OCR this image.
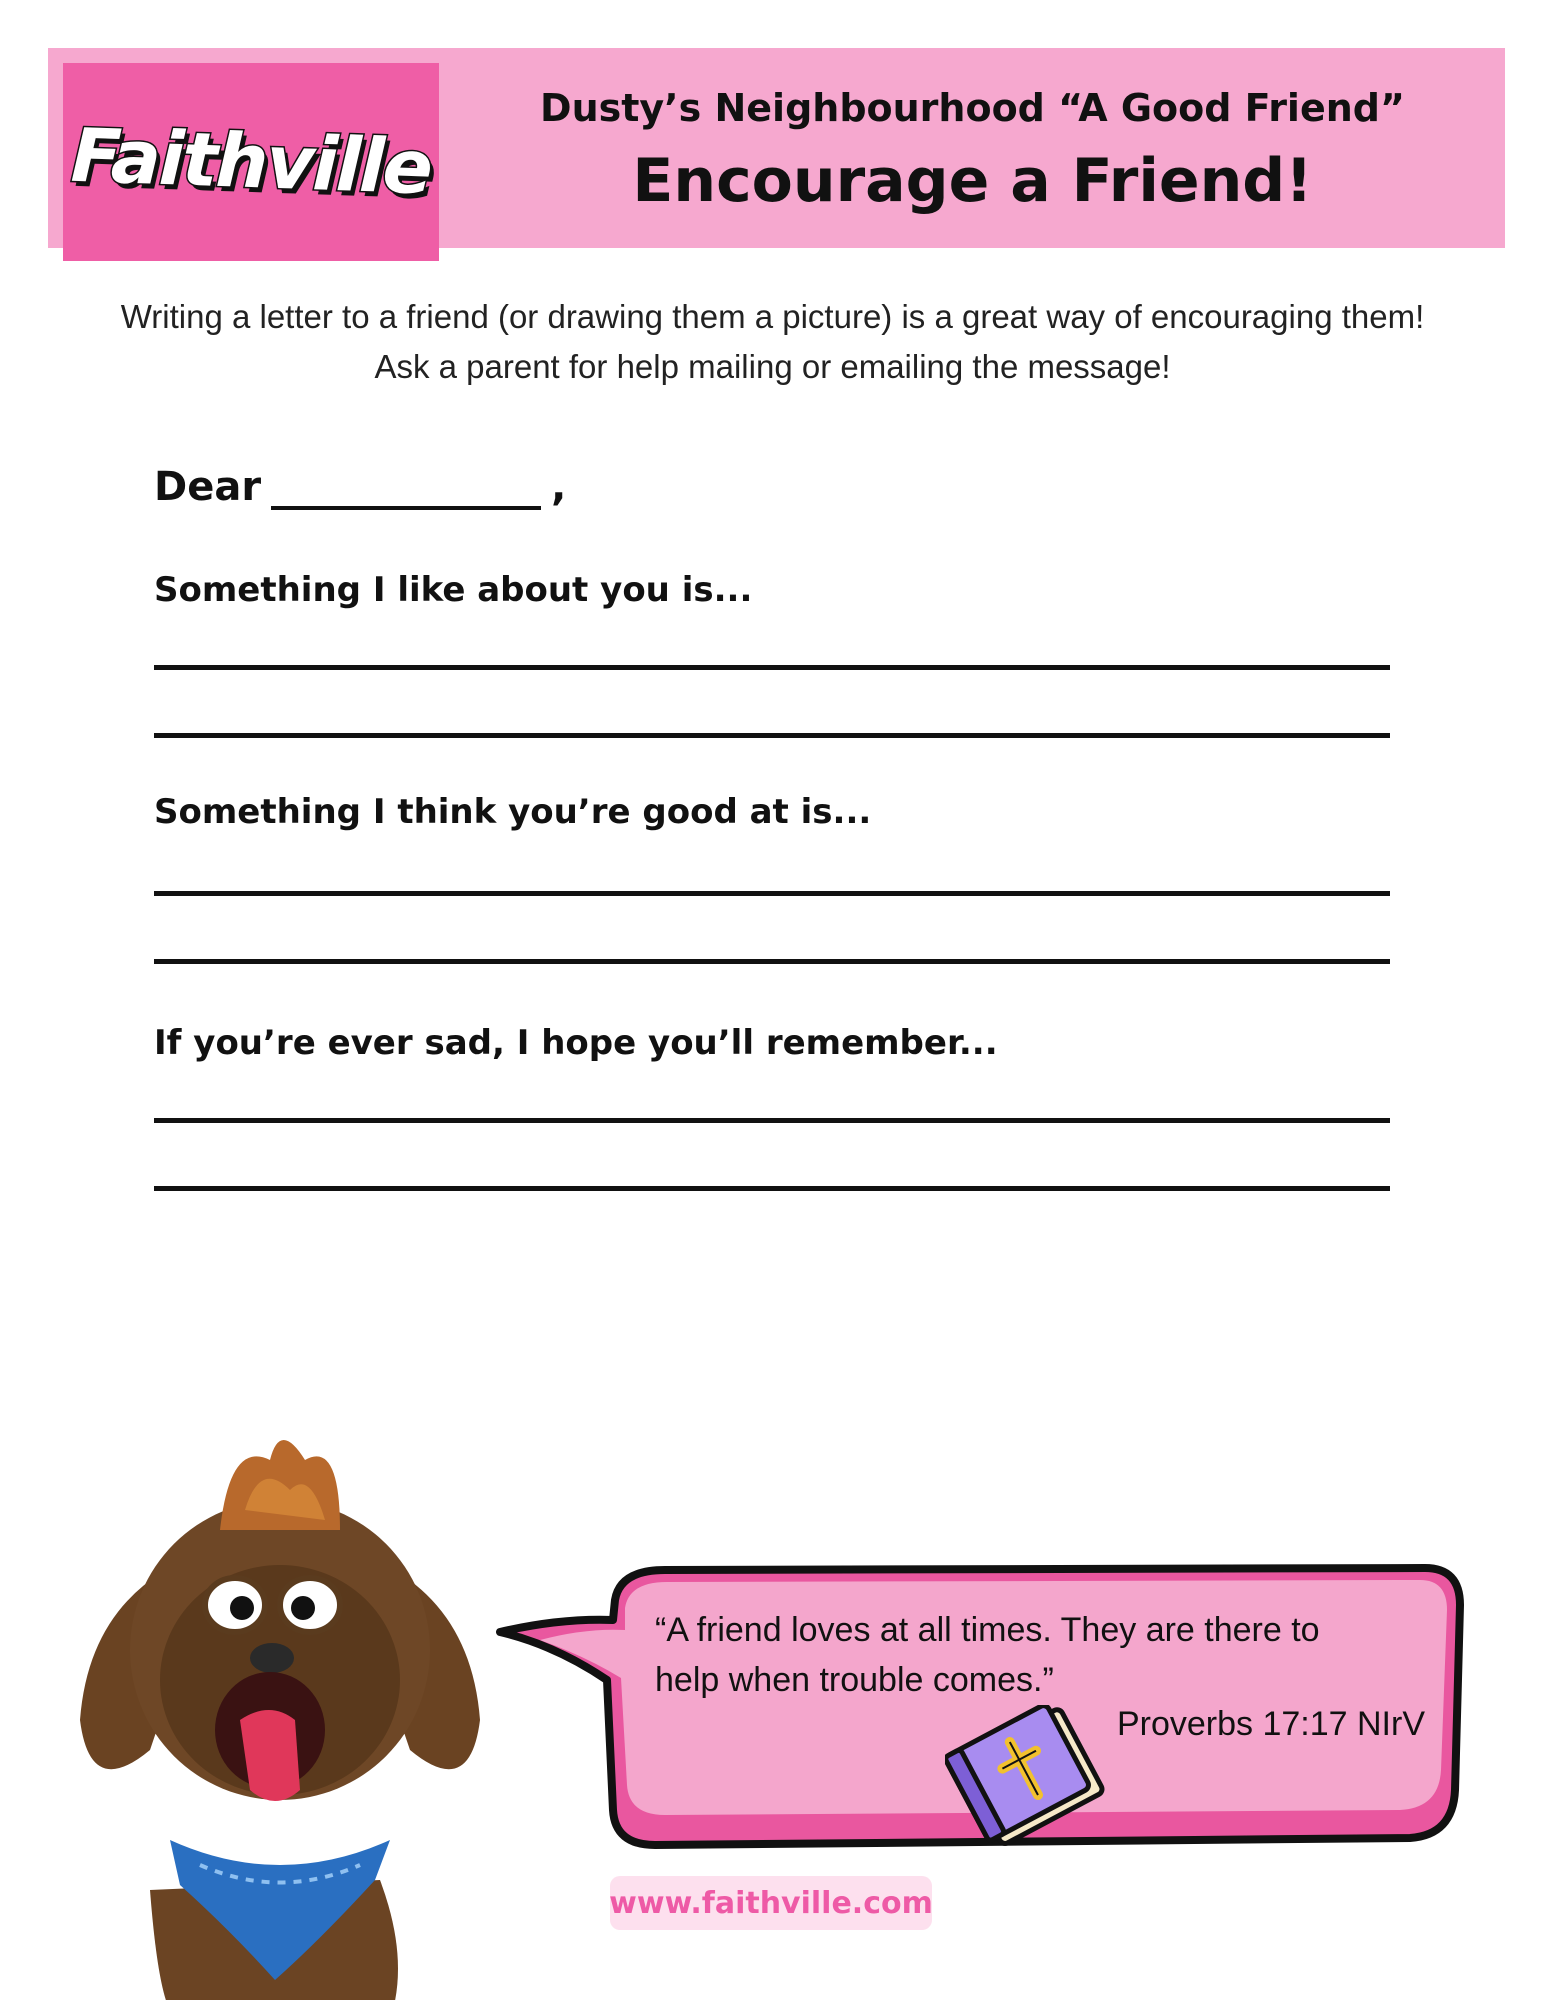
Faithville
Dusty’s Neighbourhood “A Good Friend”
Encourage a Friend!
Writing a letter to a friend (or drawing them a picture) is a great way of encouraging them!
Ask a parent for help mailing or emailing the message!
Dear	,
Something I like about you is...
Something I think you’re good at is...
If you’re ever sad, I hope you’ll remember...
“A friend loves at all times. They are there to
help when trouble comes.”
Proverbs 17:17 NIrV
www.faithville.com
